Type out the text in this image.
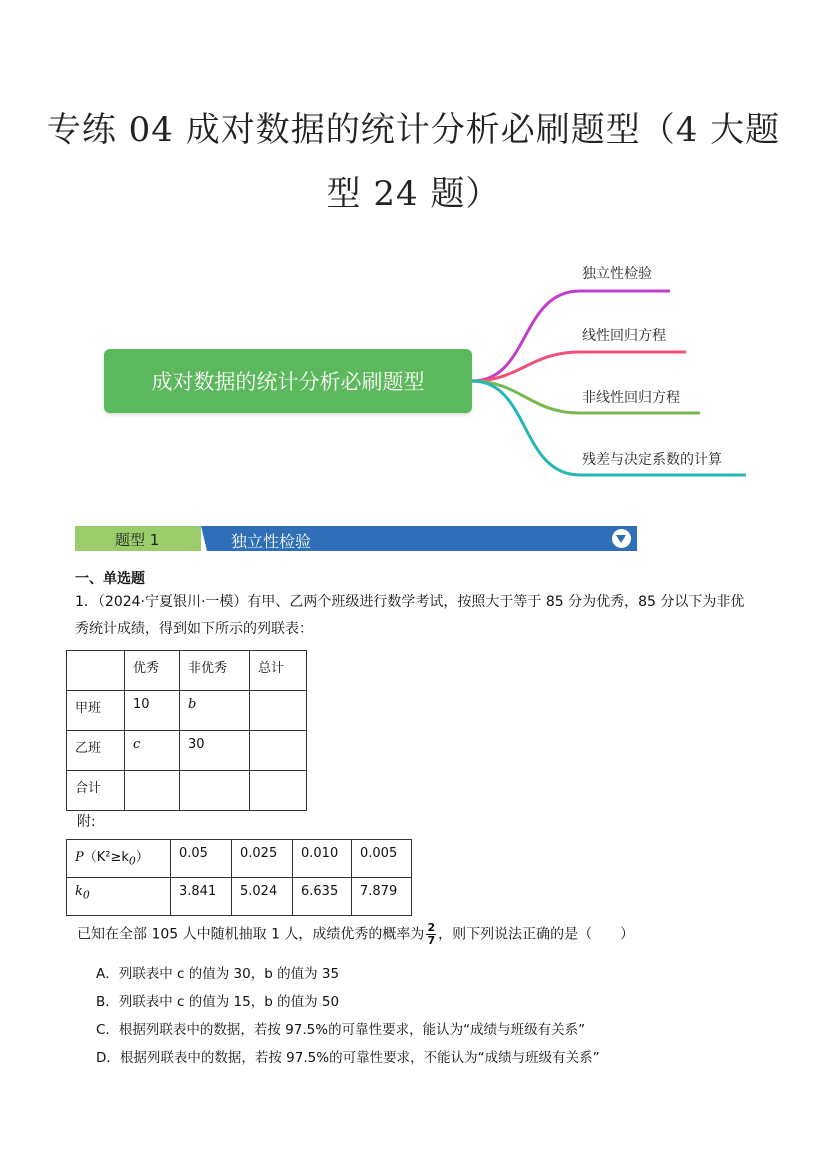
专练 04 成对数据的统计分析必刷题型（4 大题
型 24 题）
成对数据的统计分析必刷题型
独立性检验
线性回归方程
非线性回归方程
残差与决定系数的计算
独立性检验
题型 1
一、单选题
1．（2024·宁夏银川·一模）有甲、乙两个班级进行数学考试，按照大于等于 85 分为优秀，85 分以下为非优
秀统计成绩，得到如下所示的列联表：
	优秀	非优秀	总计
甲班	10	b	
乙班	c	30	
合计			
附:
$P(K^2\ge k_0)$	0.05	0.025	0.010	0.005
$k_0$	3.841	5.024	6.635	7.879
已知在全部 105 人中随机抽取 1 人，成绩优秀的概率为 $\frac{2}{7}$ ，则下列说法正确的是（　　）
A．列联表中 c 的值为 30，b 的值为 35
B．列联表中 c 的值为 15，b 的值为 50
C．根据列联表中的数据，若按 97.5%的可靠性要求，能认为“成绩与班级有关系”
D．根据列联表中的数据，若按 97.5%的可靠性要求，不能认为“成绩与班级有关系”
